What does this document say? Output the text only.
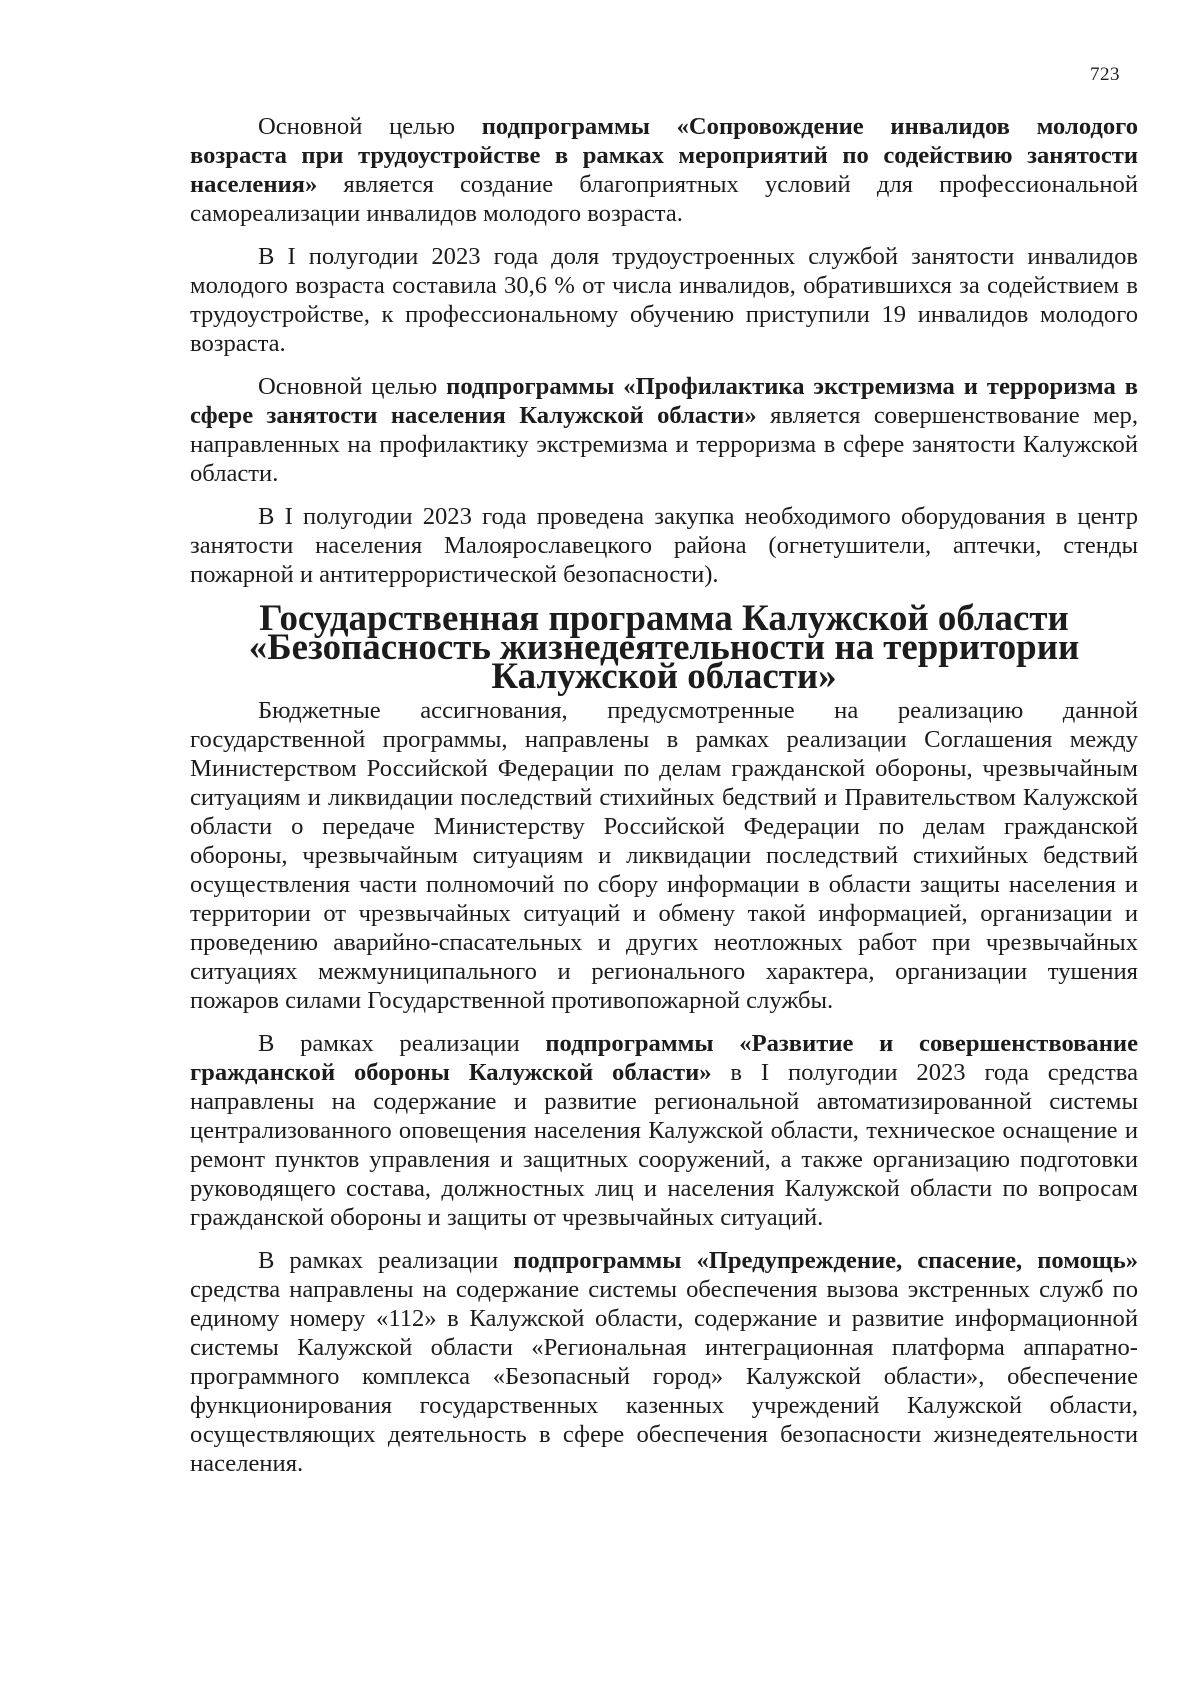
723

Основной целью подпрограммы «Сопровождение инвалидов молодого возраста при трудоустройстве в рамках мероприятий по содействию занятости населения» является создание благоприятных условий для профессиональной самореализации инвалидов молодого возраста.

В I полугодии 2023 года доля трудоустроенных службой занятости инвалидов молодого возраста составила 30,6 % от числа инвалидов, обратившихся за содействием в трудоустройстве, к профессиональному обучению приступили 19 инвалидов молодого возраста.

Основной целью подпрограммы «Профилактика экстремизма и терроризма в сфере занятости населения Калужской области» является совершенствование мер, направленных на профилактику экстремизма и терроризма в сфере занятости Калужской области.

В I полугодии 2023 года проведена закупка необходимого оборудования в центр занятости населения Малоярославецкого района (огнетушители, аптечки, стенды пожарной и антитеррористической безопасности).

Государственная программа Калужской области
«Безопасность жизнедеятельности на территории Калужской области»

Бюджетные ассигнования, предусмотренные на реализацию данной государственной программы, направлены в рамках реализации Соглашения между Министерством Российской Федерации по делам гражданской обороны, чрезвычайным ситуациям и ликвидации последствий стихийных бедствий и Правительством Калужской области о передаче Министерству Российской Федерации по делам гражданской обороны, чрезвычайным ситуациям и ликвидации последствий стихийных бедствий осуществления части полномочий по сбору информации в области защиты населения и территории от чрезвычайных ситуаций и обмену такой информацией, организации и проведению аварийно-спасательных и других неотложных работ при чрезвычайных ситуациях межмуниципального и регионального характера, организации тушения пожаров силами Государственной противопожарной службы.

В рамках реализации подпрограммы «Развитие и совершенствование гражданской обороны Калужской области» в I полугодии 2023 года средства направлены на содержание и развитие региональной автоматизированной системы централизованного оповещения населения Калужской области, техническое оснащение и ремонт пунктов управления и защитных сооружений, а также организацию подготовки руководящего состава, должностных лиц и населения Калужской области по вопросам гражданской обороны и защиты от чрезвычайных ситуаций.

В рамках реализации подпрограммы «Предупреждение, спасение, помощь» средства направлены на содержание системы обеспечения вызова экстренных служб по единому номеру «112» в Калужской области, содержание и развитие информационной системы Калужской области «Региональная интеграционная платформа аппаратно-программного комплекса «Безопасный город» Калужской области», обеспечение функционирования государственных казенных учреждений Калужской области, осуществляющих деятельность в сфере обеспечения безопасности жизнедеятельности населения.
